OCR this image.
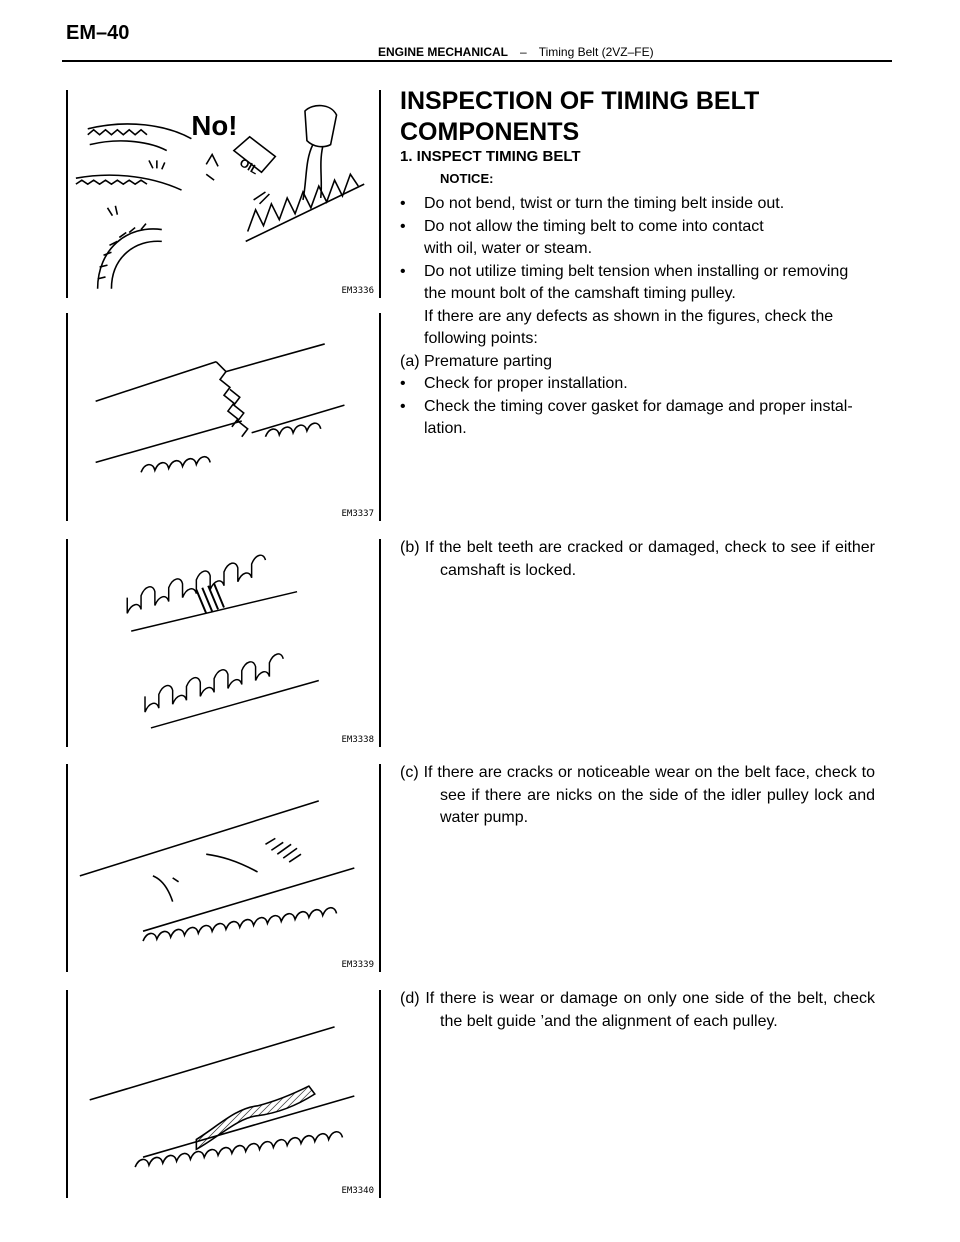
EM–40
ENGINE MECHANICAL – Timing Belt (2VZ–FE)
No!
OIL
EM3336
EM3337
EM3338
EM3339
EM3340
INSPECTION OF TIMING BELT
COMPONENTS
1. INSPECT TIMING BELT
NOTICE:
• Do not bend, twist or turn the timing belt inside out.
• Do not allow the timing belt to come into contact
with oil, water or steam.
• Do not utilize timing belt tension when installing or removing
the mount bolt of the camshaft timing pulley.
If there are any defects as shown in the figures, check the
following points:
(a) Premature parting
• Check for proper installation.
• Check the timing cover gasket for damage and proper instal-
lation.
(b) If the belt teeth are cracked or damaged, check to see if either camshaft is locked.
(c) If there are cracks or noticeable wear on the belt face, check to see if there are nicks on the side of the idler pulley lock and water pump.
(d) If there is wear or damage on only one side of the belt, check the belt guide ’and the alignment of each pulley.
